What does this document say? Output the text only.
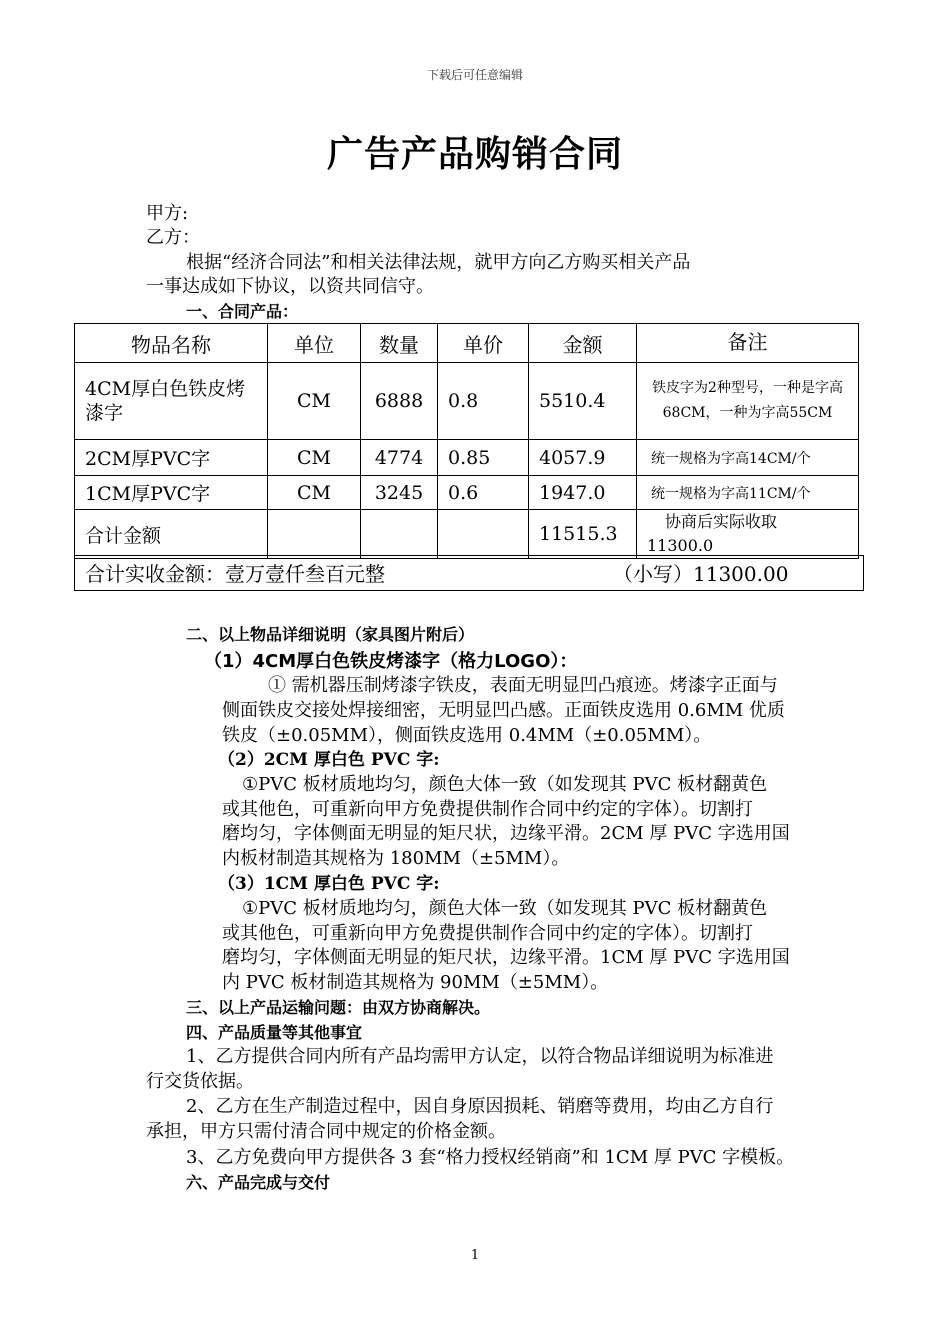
下载后可任意编辑
广告产品购销合同
甲方:
乙方：
根据“经济合同法”和相关法律法规，就甲方向乙方购买相关产品
一事达成如下协议，以资共同信守。
一、合同产品：
物品名称	单位	数量	单价	金额	备注
4CM厚白色铁皮烤漆字	CM	6888	0.8	5510.4	铁皮字为2种型号，一种是字高68CM，一种为字高55CM
2CM厚PVC字	CM	4774	0.85	4057.9	统一规格为字高14CM/个
1CM厚PVC字	CM	3245	0.6	1947.0	统一规格为字高11CM/个
合计金额				11515.3	协商后实际收取
11300.0
合计实收金额：壹万壹仟叁百元整	（小写）11300.00
二、以上物品详细说明（家具图片附后）
（1）4CM厚白色铁皮烤漆字（格力LOGO）：
① 需机器压制烤漆字铁皮，表面无明显凹凸痕迹。烤漆字正面与
侧面铁皮交接处焊接细密，无明显凹凸感。正面铁皮选用 0.6MM 优质
铁皮（±0.05MM），侧面铁皮选用 0.4MM（±0.05MM）。
（2）2CM 厚白色 PVC 字:
①PVC 板材质地均匀，颜色大体一致（如发现其 PVC 板材翻黄色
或其他色，可重新向甲方免费提供制作合同中约定的字体）。切割打
磨均匀，字体侧面无明显的矩尺状，边缘平滑。2CM 厚 PVC 字选用国
内板材制造其规格为 180MM（±5MM）。
（3）1CM 厚白色 PVC 字:
①PVC 板材质地均匀，颜色大体一致（如发现其 PVC 板材翻黄色
或其他色，可重新向甲方免费提供制作合同中约定的字体）。切割打
磨均匀，字体侧面无明显的矩尺状，边缘平滑。1CM 厚 PVC 字选用国
内 PVC 板材制造其规格为 90MM（±5MM）。
三、以上产品运输问题：由双方协商解决。
四、产品质量等其他事宜
1、乙方提供合同内所有产品均需甲方认定，以符合物品详细说明为标准进
行交货依据。
2、乙方在生产制造过程中，因自身原因损耗、销磨等费用，均由乙方自行
承担，甲方只需付清合同中规定的价格金额。
3、乙方免费向甲方提供各 3 套“格力授权经销商”和 1CM 厚 PVC 字模板。
六、产品完成与交付
1
